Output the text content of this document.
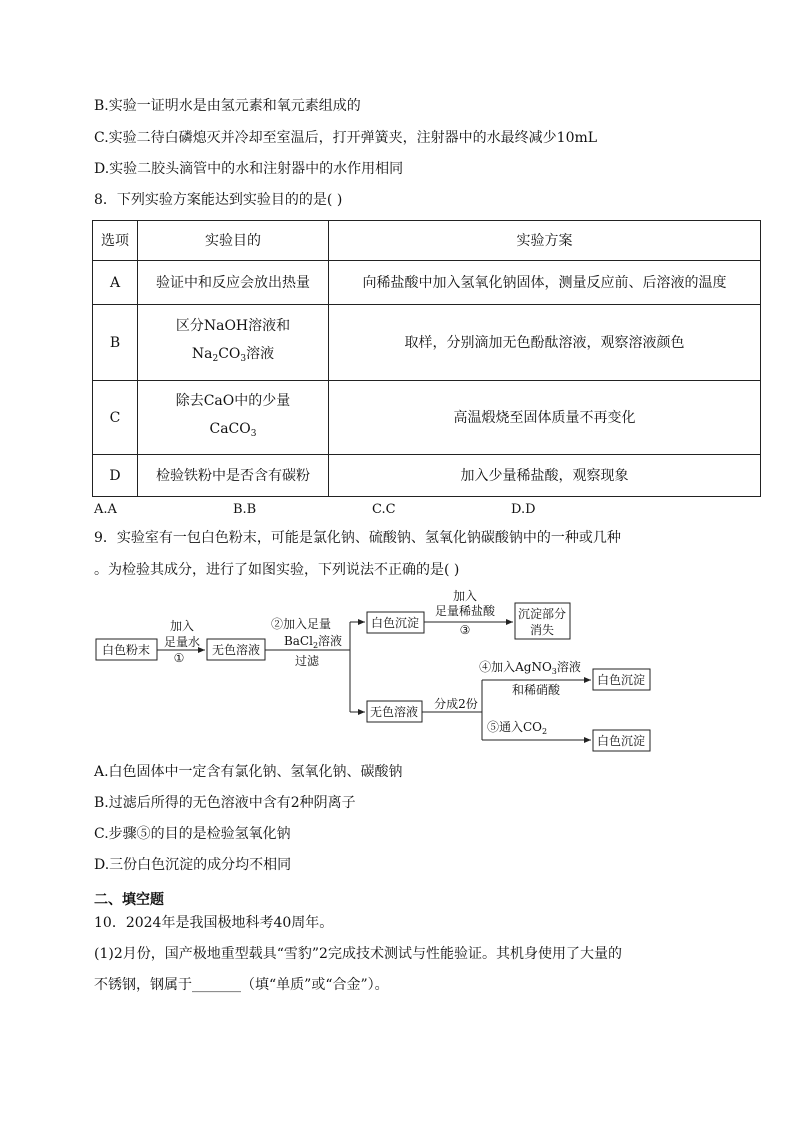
B.实验一证明水是由氢元素和氧元素组成的
C.实验二待白磷熄灭并冷却至室温后，打开弹簧夹，注射器中的水最终减少10mL
D.实验二胶头滴管中的水和注射器中的水作用相同
8．下列实验方案能达到实验目的的是( )
选项	实验目的	实验方案
A	验证中和反应会放出热量	向稀盐酸中加入氢氧化钠固体，测量反应前、后溶液的温度
B	区分NaOH溶液和
$Na_2CO_3$溶液	取样，分别滴加无色酚酞溶液，观察溶液颜色
C	除去CaO中的少量
CaCO$_3$	高温煅烧至固体质量不再变化
D	检验铁粉中是否含有碳粉	加入少量稀盐酸，观察现象
A.A	B.B	C.C	D.D
9．实验室有一包白色粉末，可能是氯化钠、硫酸钠、氢氧化钠碳酸钠中的一种或几种
。为检验其成分，进行了如图实验，下列说法不正确的是( )
白色粉末	无色溶液
白色沉淀
沉淀部分
消失
无色溶液
白色沉淀
白色沉淀
加入
足量水
①
②加入足量
BaCl$_2$溶液
过滤
加入
足量稀盐酸
③
分成2份
④加入AgNO$_3$溶液
和稀硝酸
⑤通入$CO_2$
A.白色固体中一定含有氯化钠、氢氧化钠、碳酸钠
B.过滤后所得的无色溶液中含有2种阴离子
C.步骤⑤的目的是检验氢氧化钠
D.三份白色沉淀的成分均不相同
二、填空题
10．2024年是我国极地科考40周年。
(1)2月份，国产极地重型载具“雪豹”2完成技术测试与性能验证。其机身使用了大量的
不锈钢，钢属于_______（填“单质”或“合金”）。
